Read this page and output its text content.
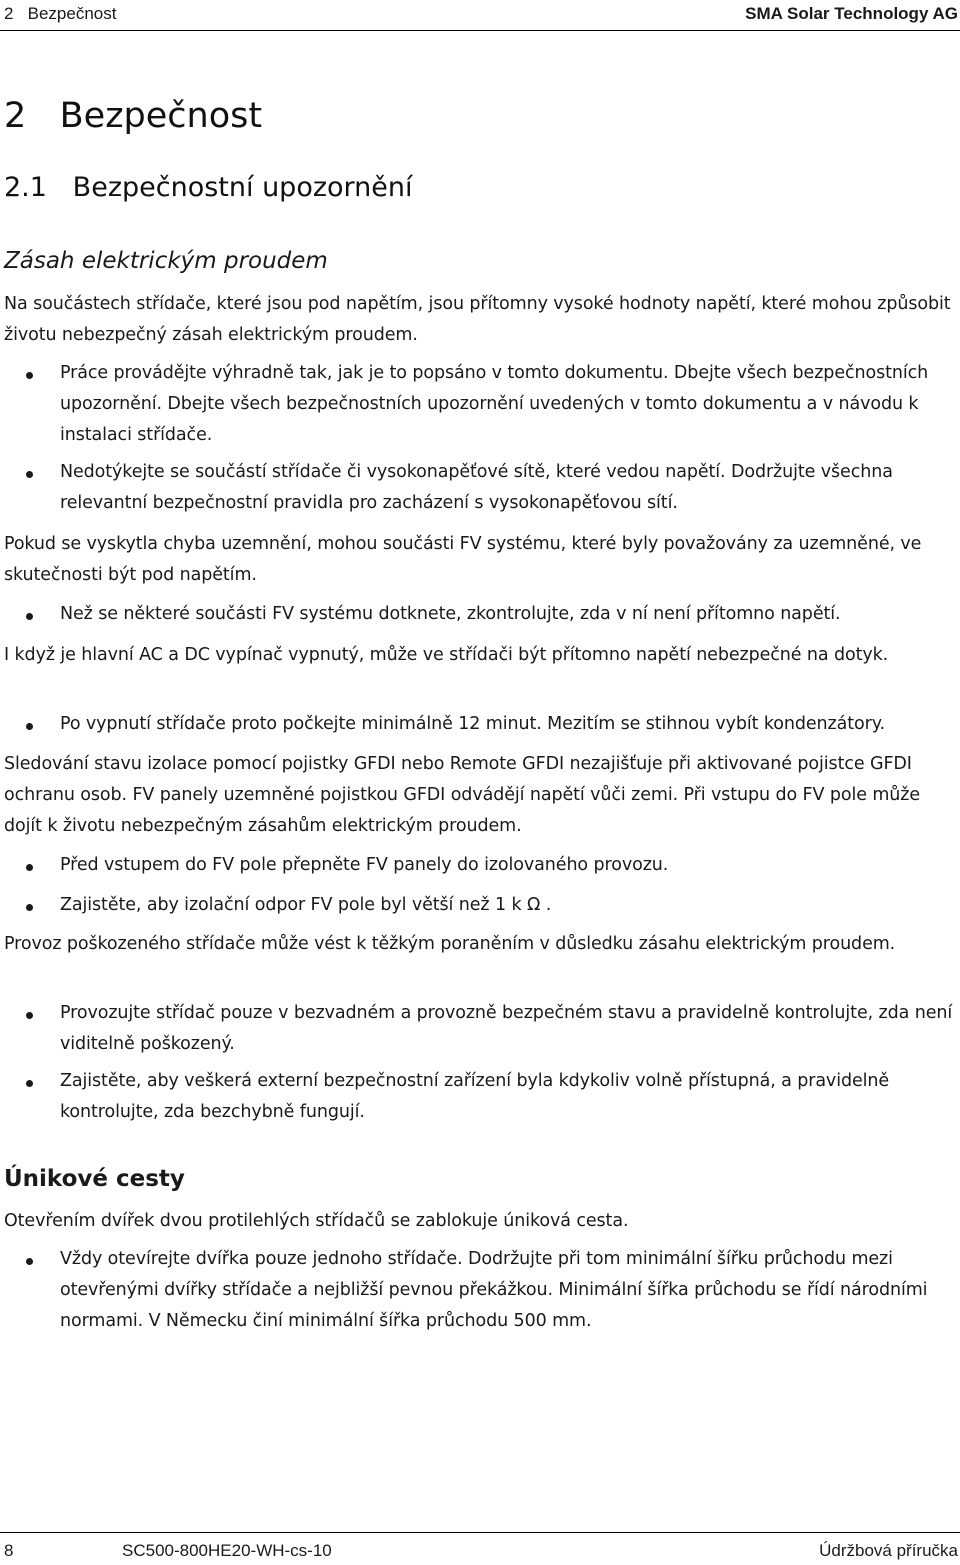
2   Bezpečnost	SMA Solar Technology AG
2   Bezpečnost
2.1   Bezpečnostní upozornění
Zásah elektrickým proudem

Na součástech střídače, které jsou pod napětím, jsou přítomny vysoké hodnoty napětí, které mohou způsobit životu nebezpečný zásah elektrickým proudem.

Práce provádějte výhradně tak, jak je to popsáno v tomto dokumentu. Dbejte všech bezpečnostních upozornění. Dbejte všech bezpečnostních upozornění uvedených v tomto dokumentu a v návodu k instalaci střídače.

Nedotýkejte se součástí střídače či vysokonapěťové sítě, které vedou napětí. Dodržujte všechna relevantní bezpečnostní pravidla pro zacházení s vysokonapěťovou sítí.

Pokud se vyskytla chyba uzemnění, mohou součásti FV systému, které byly považovány za uzemněné, ve skutečnosti být pod napětím.

Než se některé součásti FV systému dotknete, zkontrolujte, zda v ní není přítomno napětí.

I když je hlavní AC a DC vypínač vypnutý, může ve střídači být přítomno napětí nebezpečné na dotyk.

Po vypnutí střídače proto počkejte minimálně 12 minut. Mezitím se stihnou vybít kondenzátory.

Sledování stavu izolace pomocí pojistky GFDI nebo Remote GFDI nezajišťuje při aktivované pojistce GFDI ochranu osob. FV panely uzemněné pojistkou GFDI odvádějí napětí vůči zemi. Při vstupu do FV pole může dojít k životu nebezpečným zásahům elektrickým proudem.

Před vstupem do FV pole přepněte FV panely do izolovaného provozu.

Zajistěte, aby izolační odpor FV pole byl větší než 1 k Ω .

Provoz poškozeného střídače může vést k těžkým poraněním v důsledku zásahu elektrickým proudem.

Provozujte střídač pouze v bezvadném a provozně bezpečném stavu a pravidelně kontrolujte, zda není viditelně poškozený.

Zajistěte, aby veškerá externí bezpečnostní zařízení byla kdykoliv volně přístupná, a pravidelně kontrolujte, zda bezchybně fungují.

Únikové cesty

Otevřením dvířek dvou protilehlých střídačů se zablokuje úniková cesta.

Vždy otevírejte dvířka pouze jednoho střídače. Dodržujte při tom minimální šířku průchodu mezi otevřenými dvířky střídače a nejbližší pevnou překážkou. Minimální šířka průchodu se řídí národními normami. V Německu činí minimální šířka průchodu 500 mm.

8	SC500-800HE20-WH-cs-10	Údržbová příručka
